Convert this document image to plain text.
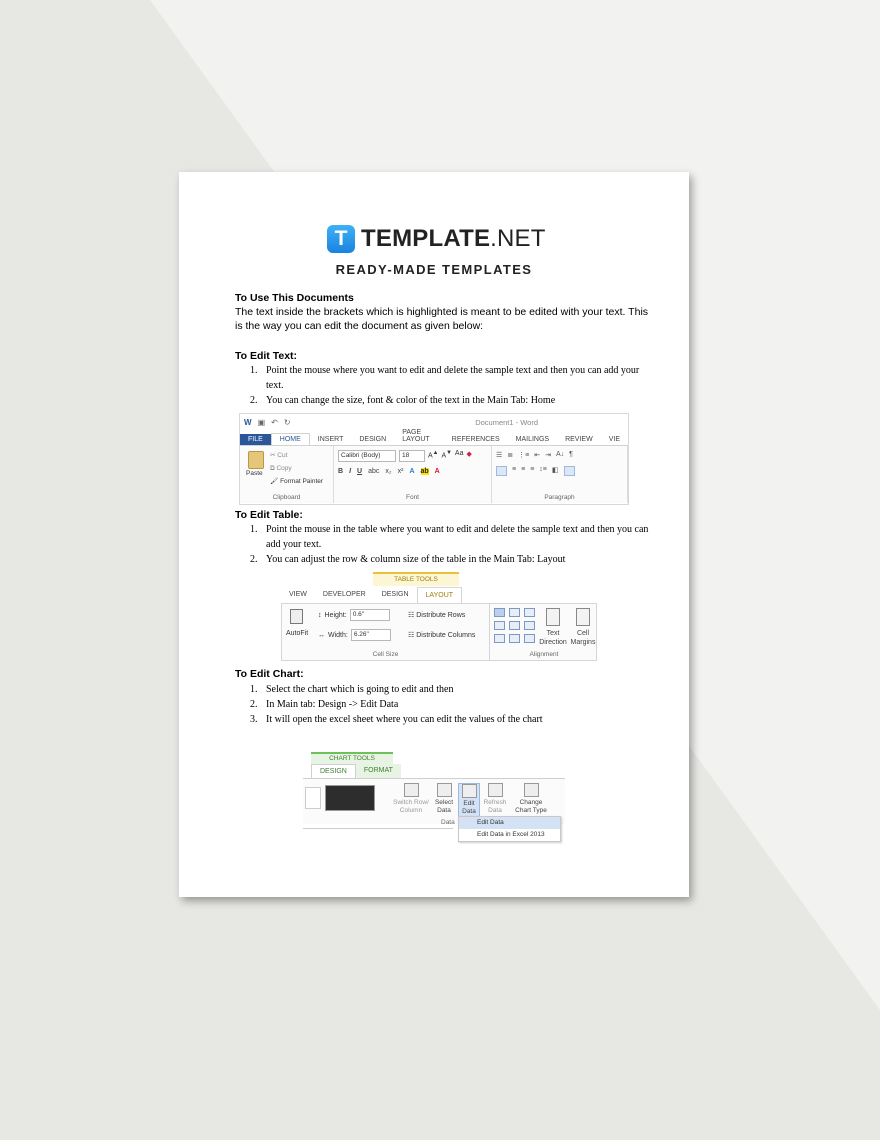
T TEMPLATE.NET
READY-MADE TEMPLATES
To Use This Documents
The text inside the brackets which is highlighted is meant to be edited with your text. This is the way you can edit the document as given below:
To Edit Text:
1. Point the mouse where you want to edit and delete the sample text and then you can add your text.
2. You can change the size, font & color of the text in the Main Tab: Home
W ▣ ↶ ↻	Document1 - Word
FILE	HOME	INSERT	DESIGN
PAGE LAYOUT	REFERENCES	MAILINGS	REVIEW	VIE
Paste
✂ Cut
⧉ Copy
🖌 Format Painter
Clipboard
Calibri (Body)	18	A▲ A▼ Aa ◆
B I U abc x₂ x² A ab A
Font
☰ ≣ ⋮≡ ⇤ ⇥ A↓ ¶
≡ ≡ ≡ ↕≡ ◧
Paragraph
To Edit Table:
1. Point the mouse in the table where you want to edit and delete the sample text and then you can add your text.
2. You can adjust the row & column size of the table in the Main Tab: Layout
TABLE TOOLS
VIEW	DEVELOPER	DESIGN	LAYOUT
AutoFit
↕ Height: 0.6"
↔ Width: 6.26"
☷ Distribute Rows
☷ Distribute Columns
Cell Size
Text Direction
Cell Margins
Alignment
To Edit Chart:
1. Select the chart which is going to edit and then
2. In Main tab: Design -> Edit Data
3. It will open the excel sheet where you can edit the values of the chart
CHART TOOLS
DESIGN	FORMAT
Switch Row/ Column
Select Data
Edit Data
Refresh Data
Change Chart Type
Data	Edit Data
Edit Data in Excel 2013
